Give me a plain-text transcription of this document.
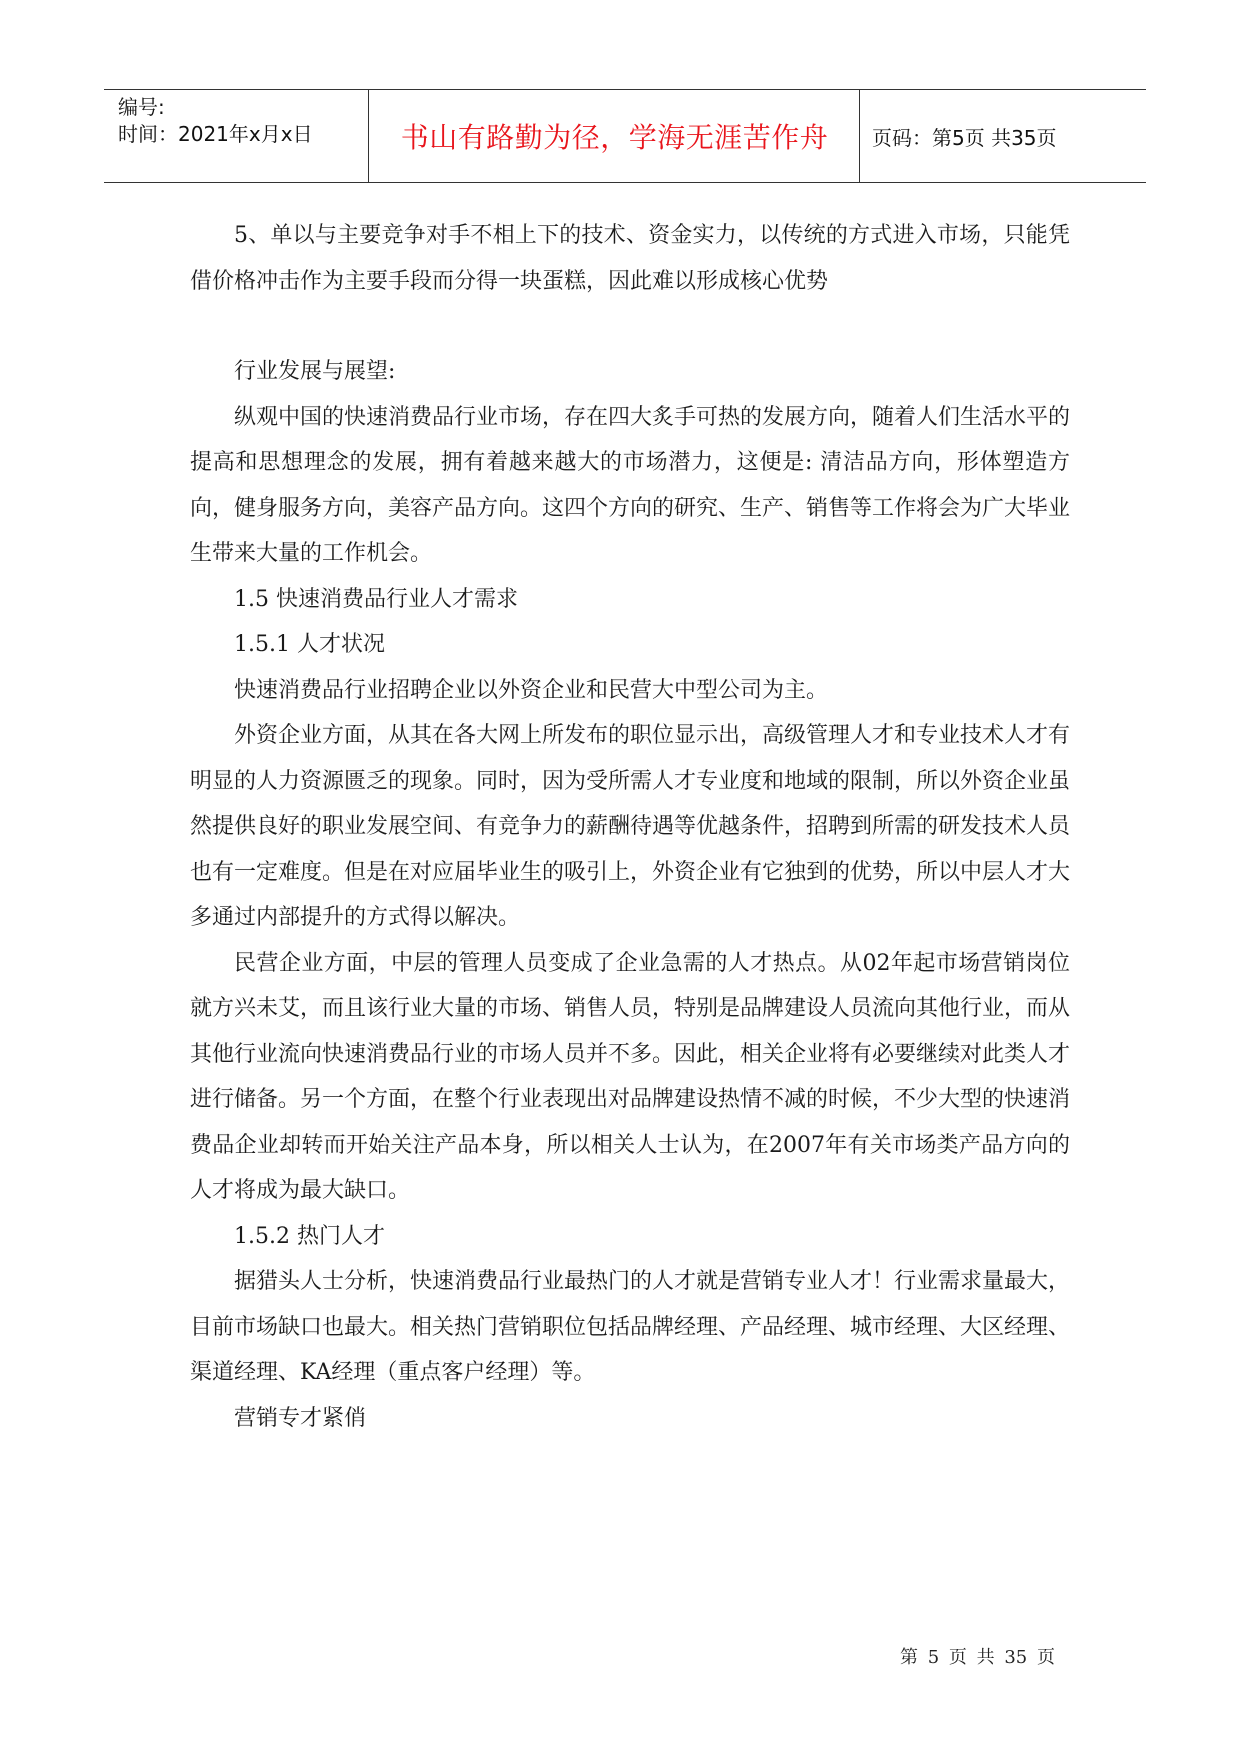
编号:
时间：2021年x月x日	书山有路勤为径，学海无涯苦作舟	页码：第5页 共35页

5、单以与主要竞争对手不相上下的技术、资金实力，以传统的方式进入市场，只能凭借价格冲击作为主要手段而分得一块蛋糕，因此难以形成核心优势

行业发展与展望:

纵观中国的快速消费品行业市场，存在四大炙手可热的发展方向，随着人们生活水平的提高和思想理念的发展，拥有着越来越大的市场潜力，这便是: 清洁品方向，形体塑造方向，健身服务方向，美容产品方向。这四个方向的研究、生产、销售等工作将会为广大毕业生带来大量的工作机会。

1.5 快速消费品行业人才需求

1.5.1 人才状况

快速消费品行业招聘企业以外资企业和民营大中型公司为主。

外资企业方面，从其在各大网上所发布的职位显示出，高级管理人才和专业技术人才有明显的人力资源匮乏的现象。同时，因为受所需人才专业度和地域的限制，所以外资企业虽然提供良好的职业发展空间、有竞争力的薪酬待遇等优越条件，招聘到所需的研发技术人员也有一定难度。但是在对应届毕业生的吸引上，外资企业有它独到的优势，所以中层人才大多通过内部提升的方式得以解决。

民营企业方面，中层的管理人员变成了企业急需的人才热点。从02年起市场营销岗位就方兴未艾，而且该行业大量的市场、销售人员，特别是品牌建设人员流向其他行业，而从其他行业流向快速消费品行业的市场人员并不多。因此，相关企业将有必要继续对此类人才进行储备。另一个方面，在整个行业表现出对品牌建设热情不减的时候，不少大型的快速消费品企业却转而开始关注产品本身，所以相关人士认为，在2007年有关市场类产品方向的人才将成为最大缺口。

1.5.2 热门人才

据猎头人士分析，快速消费品行业最热门的人才就是营销专业人才！行业需求量最大，目前市场缺口也最大。相关热门营销职位包括品牌经理、产品经理、城市经理、大区经理、渠道经理、KA经理（重点客户经理）等。

营销专才紧俏

第 5 页 共 35 页
